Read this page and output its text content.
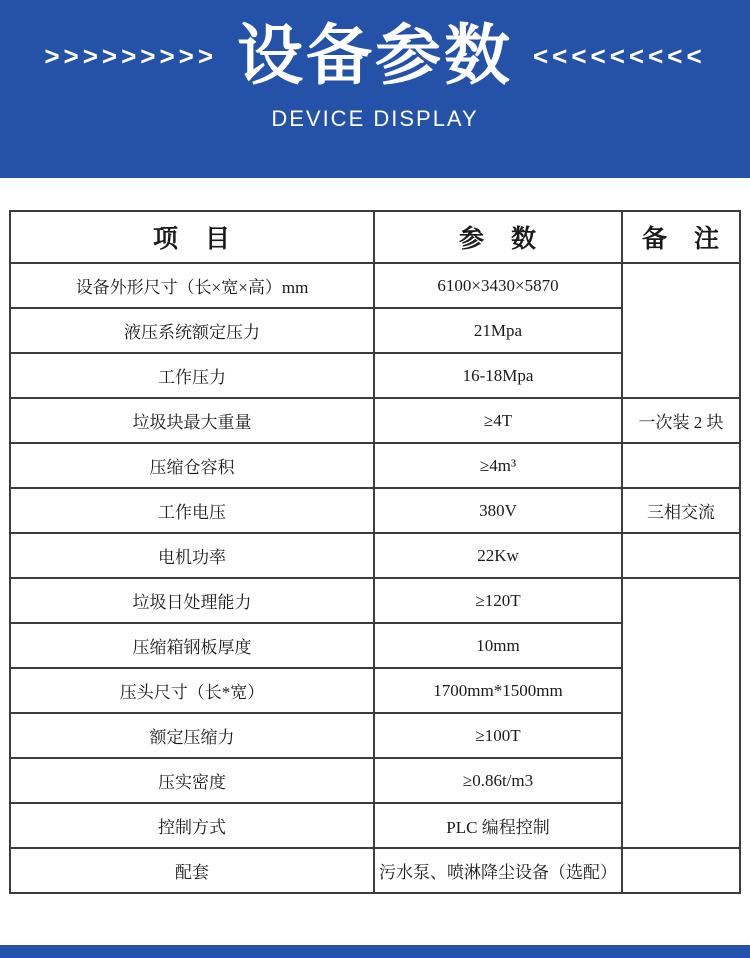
>>>>>>>>> 设备参数 <<<<<<<<<
DEVICE DISPLAY
项　目	参　数	备　注
设备外形尺寸（长×宽×高）mm	6100×3430×5870	
液压系统额定压力	21Mpa	
工作压力	16-18Mpa	
垃圾块最大重量	≥4T	一次装 2 块
压缩仓容积	≥4m³	
工作电压	380V	三相交流
电机功率	22Kw	
垃圾日处理能力	≥120T	
压缩箱钢板厚度	10mm	
压头尺寸（长*宽）	1700mm*1500mm	
额定压缩力	≥100T	
压实密度	≥0.86t/m3	
控制方式	PLC 编程控制	
配套	污水泵、喷淋降尘设备（选配）	
